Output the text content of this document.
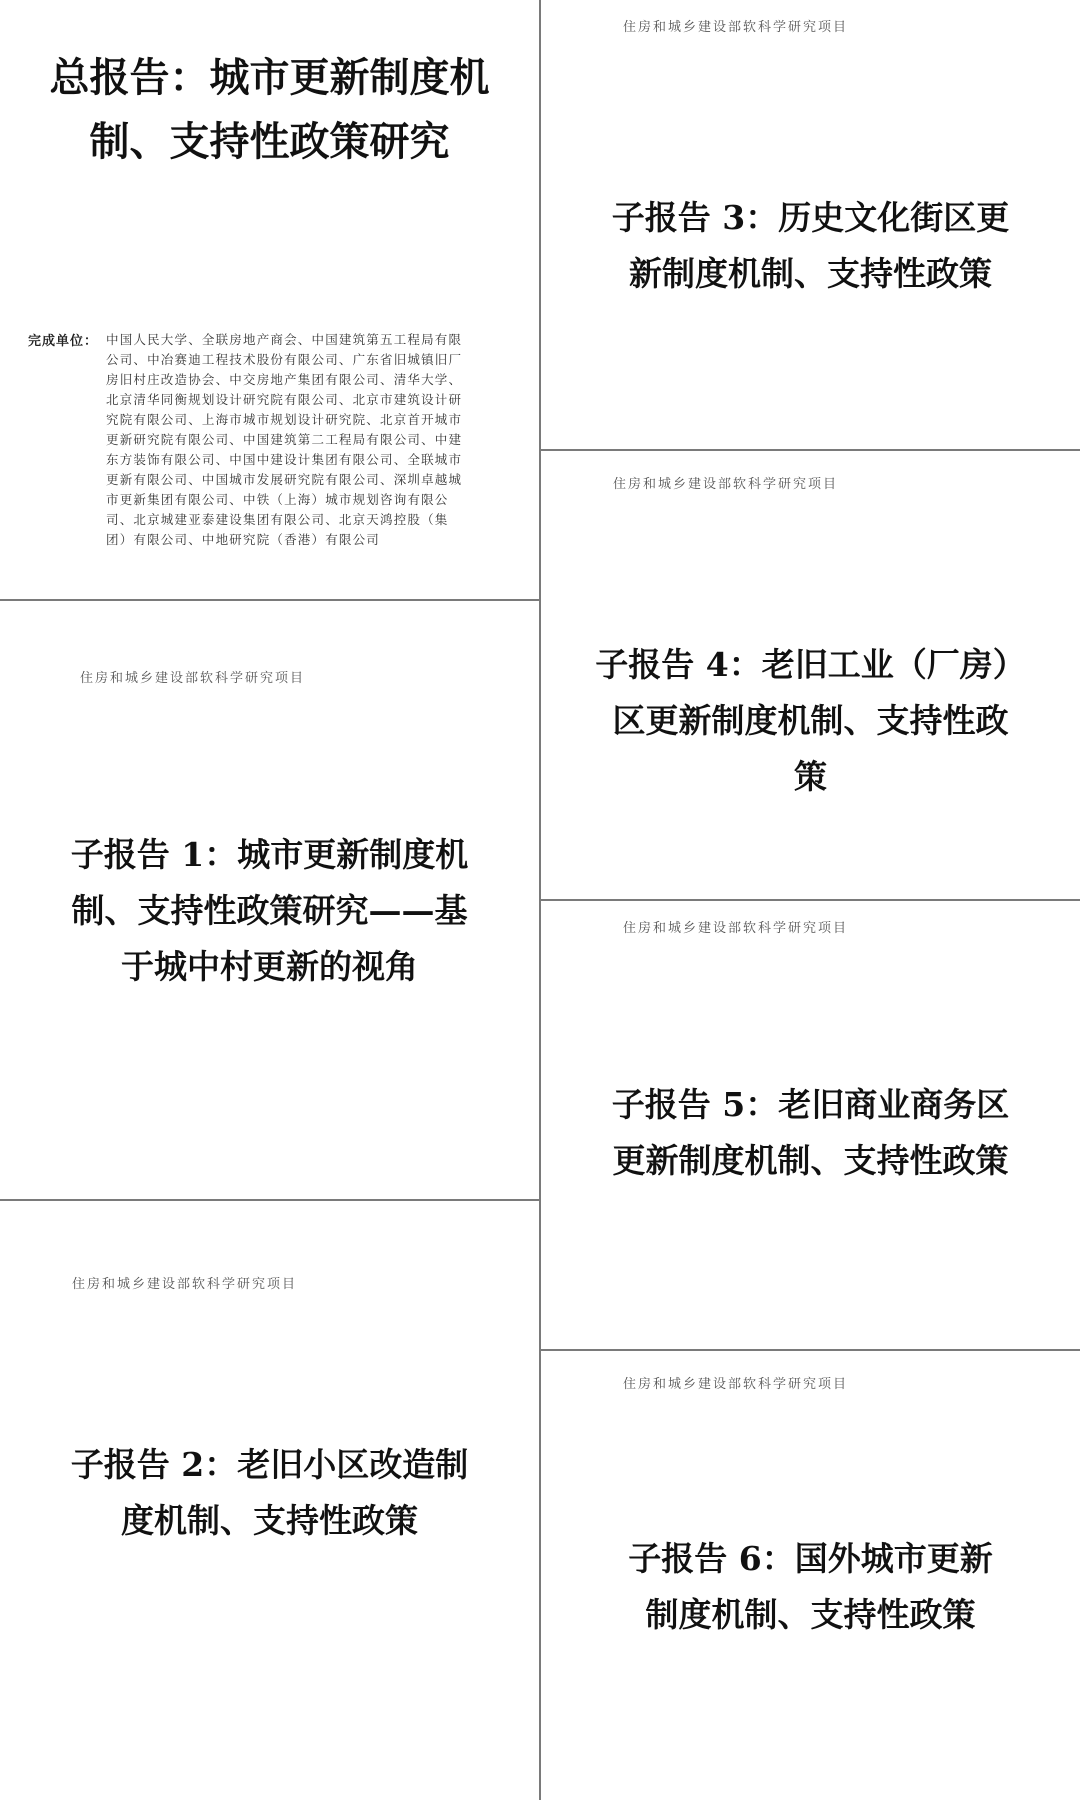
总报告：城市更新制度机
制、支持性政策研究
完成单位： 中国人民大学、全联房地产商会、中国建筑第五工程局有限
公司、中冶赛迪工程技术股份有限公司、广东省旧城镇旧厂
房旧村庄改造协会、中交房地产集团有限公司、清华大学、
北京清华同衡规划设计研究院有限公司、北京市建筑设计研
究院有限公司、上海市城市规划设计研究院、北京首开城市
更新研究院有限公司、中国建筑第二工程局有限公司、中建
东方装饰有限公司、中国中建设计集团有限公司、全联城市
更新有限公司、中国城市发展研究院有限公司、深圳卓越城
市更新集团有限公司、中铁（上海）城市规划咨询有限公
司、北京城建亚泰建设集团有限公司、北京天鸿控股（集
团）有限公司、中地研究院（香港）有限公司
住房和城乡建设部软科学研究项目
子报告 1：城市更新制度机
制、支持性政策研究——基
于城中村更新的视角
住房和城乡建设部软科学研究项目
子报告 2：老旧小区改造制
度机制、支持性政策
住房和城乡建设部软科学研究项目
子报告 3：历史文化街区更
新制度机制、支持性政策
住房和城乡建设部软科学研究项目
子报告 4：老旧工业（厂房）
区更新制度机制、支持性政
策
住房和城乡建设部软科学研究项目
子报告 5：老旧商业商务区
更新制度机制、支持性政策
住房和城乡建设部软科学研究项目
子报告 6：国外城市更新
制度机制、支持性政策
